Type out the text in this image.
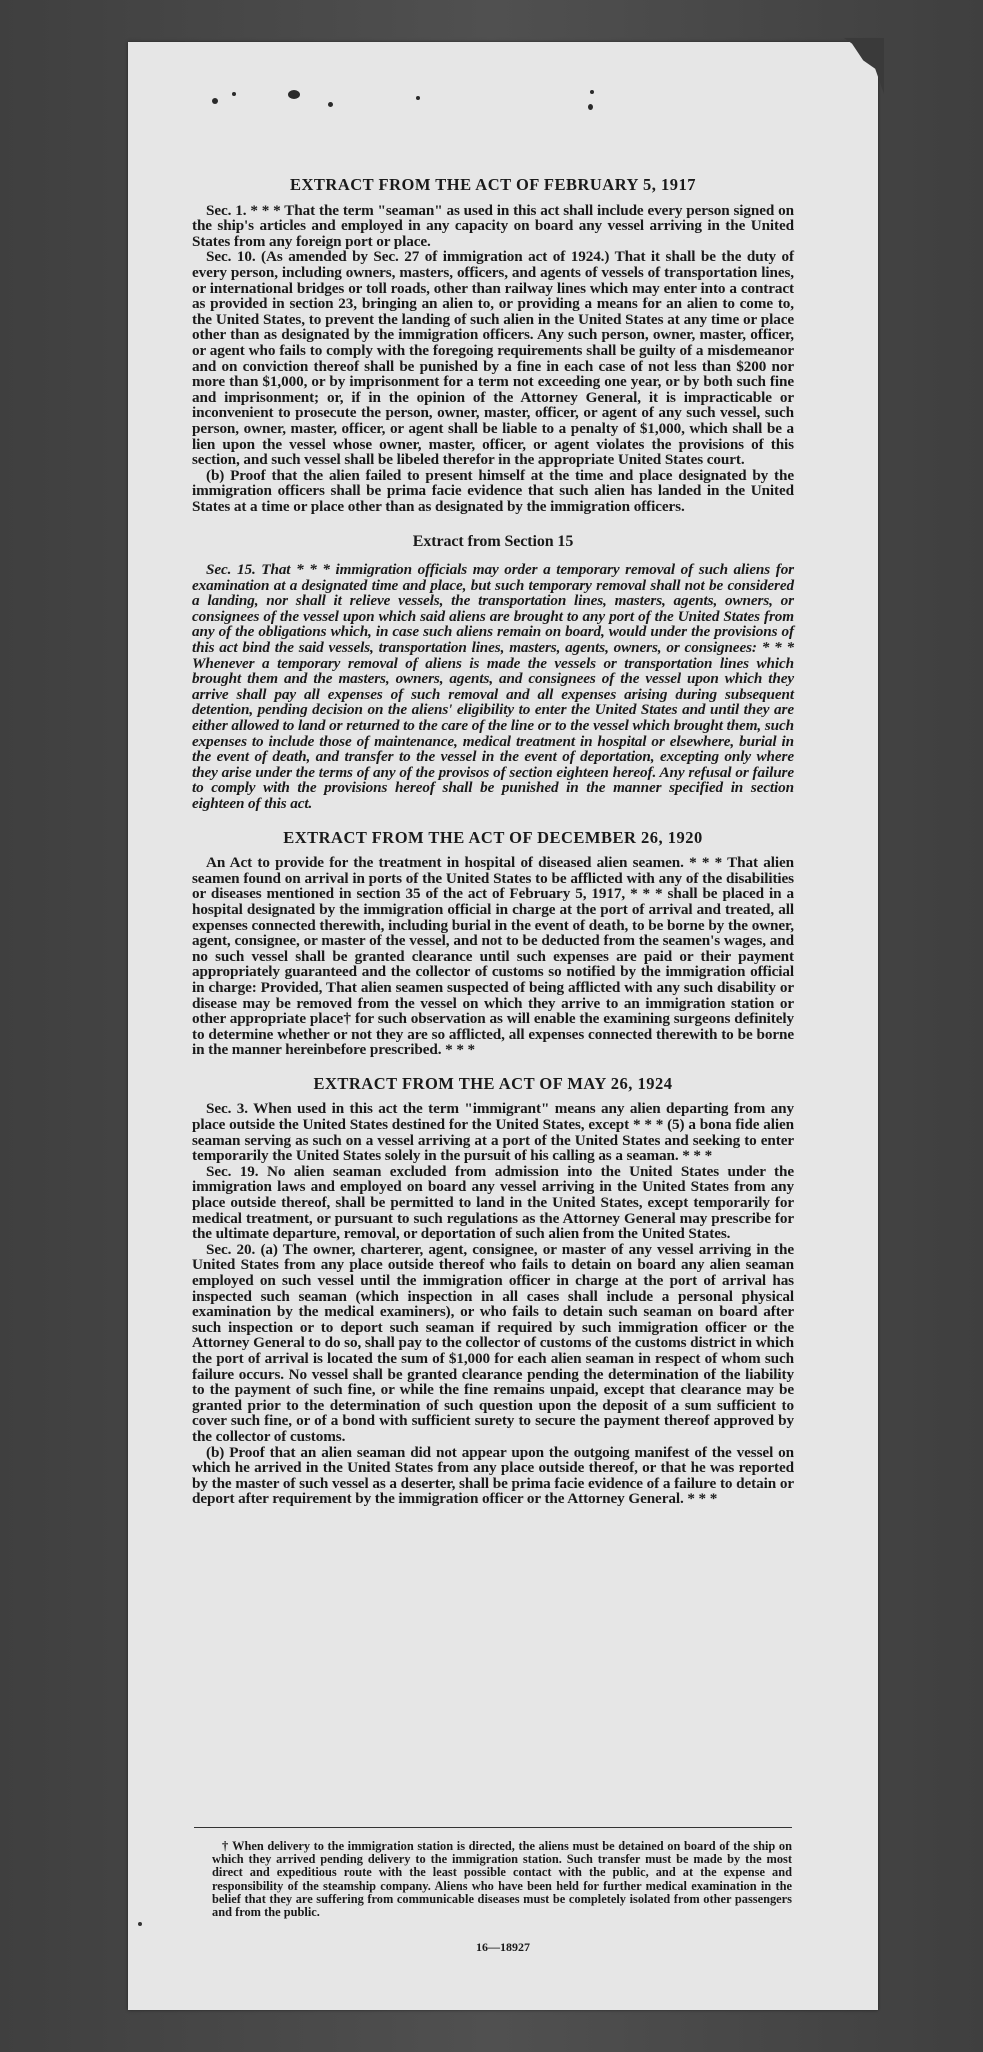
EXTRACT FROM THE ACT OF FEBRUARY 5, 1917

Sec. 1. * * * That the term "seaman" as used in this act shall include every person signed on the ship's articles and employed in any capacity on board any vessel arriving in the United States from any foreign port or place.

Sec. 10. (As amended by Sec. 27 of immigration act of 1924.) That it shall be the duty of every person, including owners, masters, officers, and agents of vessels of transportation lines, or international bridges or toll roads, other than railway lines which may enter into a contract as provided in section 23, bringing an alien to, or providing a means for an alien to come to, the United States, to prevent the landing of such alien in the United States at any time or place other than as designated by the immigration officers. Any such person, owner, master, officer, or agent who fails to comply with the foregoing requirements shall be guilty of a misdemeanor and on conviction thereof shall be punished by a fine in each case of not less than $200 nor more than $1,000, or by imprisonment for a term not exceeding one year, or by both such fine and imprisonment; or, if in the opinion of the Attorney General, it is impracticable or inconvenient to prosecute the person, owner, master, officer, or agent of any such vessel, such person, owner, master, officer, or agent shall be liable to a penalty of $1,000, which shall be a lien upon the vessel whose owner, master, officer, or agent violates the provisions of this section, and such vessel shall be libeled therefor in the appropriate United States court.

(b) Proof that the alien failed to present himself at the time and place designated by the immigration officers shall be prima facie evidence that such alien has landed in the United States at a time or place other than as designated by the immigration officers.

Extract from Section 15

Sec. 15. That * * * immigration officials may order a temporary removal of such aliens for examination at a designated time and place, but such temporary removal shall not be considered a landing, nor shall it relieve vessels, the transportation lines, masters, agents, owners, or consignees of the vessel upon which said aliens are brought to any port of the United States from any of the obligations which, in case such aliens remain on board, would under the provisions of this act bind the said vessels, transportation lines, masters, agents, owners, or consignees: * * * Whenever a temporary removal of aliens is made the vessels or transportation lines which brought them and the masters, owners, agents, and consignees of the vessel upon which they arrive shall pay all expenses of such removal and all expenses arising during subsequent detention, pending decision on the aliens' eligibility to enter the United States and until they are either allowed to land or returned to the care of the line or to the vessel which brought them, such expenses to include those of maintenance, medical treatment in hospital or elsewhere, burial in the event of death, and transfer to the vessel in the event of deportation, excepting only where they arise under the terms of any of the provisos of section eighteen hereof. Any refusal or failure to comply with the provisions hereof shall be punished in the manner specified in section eighteen of this act.

EXTRACT FROM THE ACT OF DECEMBER 26, 1920

An Act to provide for the treatment in hospital of diseased alien seamen. * * * That alien seamen found on arrival in ports of the United States to be afflicted with any of the disabilities or diseases mentioned in section 35 of the act of February 5, 1917, * * * shall be placed in a hospital designated by the immigration official in charge at the port of arrival and treated, all expenses connected therewith, including burial in the event of death, to be borne by the owner, agent, consignee, or master of the vessel, and not to be deducted from the seamen's wages, and no such vessel shall be granted clearance until such expenses are paid or their payment appropriately guaranteed and the collector of customs so notified by the immigration official in charge: Provided, That alien seamen suspected of being afflicted with any such disability or disease may be removed from the vessel on which they arrive to an immigration station or other appropriate place† for such observation as will enable the examining surgeons definitely to determine whether or not they are so afflicted, all expenses connected therewith to be borne in the manner hereinbefore prescribed. * * *

EXTRACT FROM THE ACT OF MAY 26, 1924

Sec. 3. When used in this act the term "immigrant" means any alien departing from any place outside the United States destined for the United States, except * * * (5) a bona fide alien seaman serving as such on a vessel arriving at a port of the United States and seeking to enter temporarily the United States solely in the pursuit of his calling as a seaman. * * *

Sec. 19. No alien seaman excluded from admission into the United States under the immigration laws and employed on board any vessel arriving in the United States from any place outside thereof, shall be permitted to land in the United States, except temporarily for medical treatment, or pursuant to such regulations as the Attorney General may prescribe for the ultimate departure, removal, or deportation of such alien from the United States.

Sec. 20. (a) The owner, charterer, agent, consignee, or master of any vessel arriving in the United States from any place outside thereof who fails to detain on board any alien seaman employed on such vessel until the immigration officer in charge at the port of arrival has inspected such seaman (which inspection in all cases shall include a personal physical examination by the medical examiners), or who fails to detain such seaman on board after such inspection or to deport such seaman if required by such immigration officer or the Attorney General to do so, shall pay to the collector of customs of the customs district in which the port of arrival is located the sum of $1,000 for each alien seaman in respect of whom such failure occurs. No vessel shall be granted clearance pending the determination of the liability to the payment of such fine, or while the fine remains unpaid, except that clearance may be granted prior to the determination of such question upon the deposit of a sum sufficient to cover such fine, or of a bond with sufficient surety to secure the payment thereof approved by the collector of customs.

(b) Proof that an alien seaman did not appear upon the outgoing manifest of the vessel on which he arrived in the United States from any place outside thereof, or that he was reported by the master of such vessel as a deserter, shall be prima facie evidence of a failure to detain or deport after requirement by the immigration officer or the Attorney General. * * *

† When delivery to the immigration station is directed, the aliens must be detained on board of the ship on which they arrived pending delivery to the immigration station. Such transfer must be made by the most direct and expeditious route with the least possible contact with the public, and at the expense and responsibility of the steamship company. Aliens who have been held for further medical examination in the belief that they are suffering from communicable diseases must be completely isolated from other passengers and from the public.

16—18927
